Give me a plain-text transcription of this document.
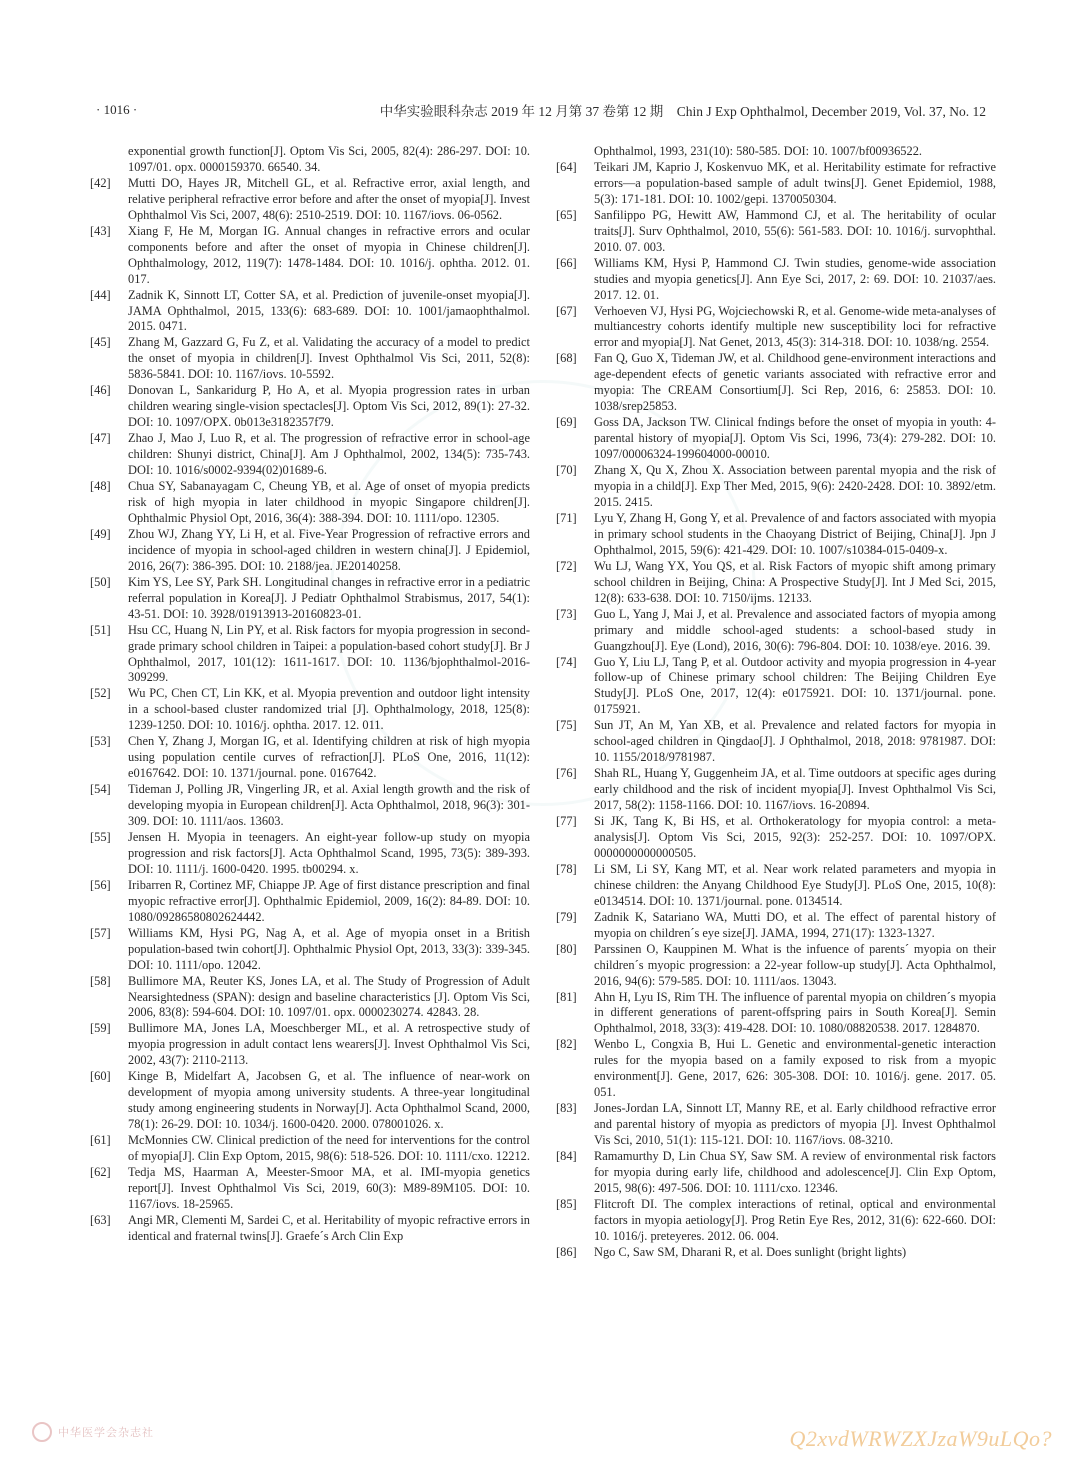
· 1016 ·	中华实验眼科杂志 2019 年 12 月第 37 卷第 12 期　Chin J Exp Ophthalmol, December 2019, Vol. 37, No. 12
exponential growth function[J]. Optom Vis Sci, 2005, 82(4): 286-297. DOI: 10. 1097/01. opx. 0000159370. 66540. 34.
[42]	Mutti DO, Hayes JR, Mitchell GL, et al. Refractive error, axial length, and relative peripheral refractive error before and after the onset of myopia[J]. Invest Ophthalmol Vis Sci, 2007, 48(6): 2510-2519. DOI: 10. 1167/iovs. 06-0562.
[43]	Xiang F, He M, Morgan IG. Annual changes in refractive errors and ocular components before and after the onset of myopia in Chinese children[J]. Ophthalmology, 2012, 119(7): 1478-1484. DOI: 10. 1016/j. ophtha. 2012. 01. 017.
[44]	Zadnik K, Sinnott LT, Cotter SA, et al. Prediction of juvenile-onset myopia[J]. JAMA Ophthalmol, 2015, 133(6): 683-689. DOI: 10. 1001/jamaophthalmol. 2015. 0471.
[45]	Zhang M, Gazzard G, Fu Z, et al. Validating the accuracy of a model to predict the onset of myopia in children[J]. Invest Ophthalmol Vis Sci, 2011, 52(8): 5836-5841. DOI: 10. 1167/iovs. 10-5592.
[46]	Donovan L, Sankaridurg P, Ho A, et al. Myopia progression rates in urban children wearing single-vision spectacles[J]. Optom Vis Sci, 2012, 89(1): 27-32. DOI: 10. 1097/OPX. 0b013e3182357f79.
[47]	Zhao J, Mao J, Luo R, et al. The progression of refractive error in school-age children: Shunyi district, China[J]. Am J Ophthalmol, 2002, 134(5): 735-743. DOI: 10. 1016/s0002-9394(02)01689-6.
[48]	Chua SY, Sabanayagam C, Cheung YB, et al. Age of onset of myopia predicts risk of high myopia in later childhood in myopic Singapore children[J]. Ophthalmic Physiol Opt, 2016, 36(4): 388-394. DOI: 10. 1111/opo. 12305.
[49]	Zhou WJ, Zhang YY, Li H, et al. Five-Year Progression of refractive errors and incidence of myopia in school-aged children in western china[J]. J Epidemiol, 2016, 26(7): 386-395. DOI: 10. 2188/jea. JE20140258.
[50]	Kim YS, Lee SY, Park SH. Longitudinal changes in refractive error in a pediatric referral population in Korea[J]. J Pediatr Ophthalmol Strabismus, 2017, 54(1): 43-51. DOI: 10. 3928/01913913-20160823-01.
[51]	Hsu CC, Huang N, Lin PY, et al. Risk factors for myopia progression in second-grade primary school children in Taipei: a population-based cohort study[J]. Br J Ophthalmol, 2017, 101(12): 1611-1617. DOI: 10. 1136/bjophthalmol-2016-309299.
[52]	Wu PC, Chen CT, Lin KK, et al. Myopia prevention and outdoor light intensity in a school-based cluster randomized trial [J]. Ophthalmology, 2018, 125(8): 1239-1250. DOI: 10. 1016/j. ophtha. 2017. 12. 011.
[53]	Chen Y, Zhang J, Morgan IG, et al. Identifying children at risk of high myopia using population centile curves of refraction[J]. PLoS One, 2016, 11(12): e0167642. DOI: 10. 1371/journal. pone. 0167642.
[54]	Tideman J, Polling JR, Vingerling JR, et al. Axial length growth and the risk of developing myopia in European children[J]. Acta Ophthalmol, 2018, 96(3): 301-309. DOI: 10. 1111/aos. 13603.
[55]	Jensen H. Myopia in teenagers. An eight-year follow-up study on myopia progression and risk factors[J]. Acta Ophthalmol Scand, 1995, 73(5): 389-393. DOI: 10. 1111/j. 1600-0420. 1995. tb00294. x.
[56]	Iribarren R, Cortinez MF, Chiappe JP. Age of first distance prescription and final myopic refractive error[J]. Ophthalmic Epidemiol, 2009, 16(2): 84-89. DOI: 10. 1080/09286580802624442.
[57]	Williams KM, Hysi PG, Nag A, et al. Age of myopia onset in a British population-based twin cohort[J]. Ophthalmic Physiol Opt, 2013, 33(3): 339-345. DOI: 10. 1111/opo. 12042.
[58]	Bullimore MA, Reuter KS, Jones LA, et al. The Study of Progression of Adult Nearsightedness (SPAN): design and baseline characteristics [J]. Optom Vis Sci, 2006, 83(8): 594-604. DOI: 10. 1097/01. opx. 0000230274. 42843. 28.
[59]	Bullimore MA, Jones LA, Moeschberger ML, et al. A retrospective study of myopia progression in adult contact lens wearers[J]. Invest Ophthalmol Vis Sci, 2002, 43(7): 2110-2113.
[60]	Kinge B, Midelfart A, Jacobsen G, et al. The influence of near-work on development of myopia among university students. A three-year longitudinal study among engineering students in Norway[J]. Acta Ophthalmol Scand, 2000, 78(1): 26-29. DOI: 10. 1034/j. 1600-0420. 2000. 078001026. x.
[61]	McMonnies CW. Clinical prediction of the need for interventions for the control of myopia[J]. Clin Exp Optom, 2015, 98(6): 518-526. DOI: 10. 1111/cxo. 12212.
[62]	Tedja MS, Haarman A, Meester-Smoor MA, et al. IMI-myopia genetics report[J]. Invest Ophthalmol Vis Sci, 2019, 60(3): M89-89M105. DOI: 10. 1167/iovs. 18-25965.
[63]	Angi MR, Clementi M, Sardei C, et al. Heritability of myopic refractive errors in identical and fraternal twins[J]. Graefe´s Arch Clin Exp
Ophthalmol, 1993, 231(10): 580-585. DOI: 10. 1007/bf00936522.
[64]	Teikari JM, Kaprio J, Koskenvuo MK, et al. Heritability estimate for refractive errors—a population-based sample of adult twins[J]. Genet Epidemiol, 1988, 5(3): 171-181. DOI: 10. 1002/gepi. 1370050304.
[65]	Sanfilippo PG, Hewitt AW, Hammond CJ, et al. The heritability of ocular traits[J]. Surv Ophthalmol, 2010, 55(6): 561-583. DOI: 10. 1016/j. survophthal. 2010. 07. 003.
[66]	Williams KM, Hysi P, Hammond CJ. Twin studies, genome-wide association studies and myopia genetics[J]. Ann Eye Sci, 2017, 2: 69. DOI: 10. 21037/aes. 2017. 12. 01.
[67]	Verhoeven VJ, Hysi PG, Wojciechowski R, et al. Genome-wide meta-analyses of multiancestry cohorts identify multiple new susceptibility loci for refractive error and myopia[J]. Nat Genet, 2013, 45(3): 314-318. DOI: 10. 1038/ng. 2554.
[68]	Fan Q, Guo X, Tideman JW, et al. Childhood gene-environment interactions and age-dependent efects of genetic variants associated with refractive error and myopia: The CREAM Consortium[J]. Sci Rep, 2016, 6: 25853. DOI: 10. 1038/srep25853.
[69]	Goss DA, Jackson TW. Clinical fndings before the onset of myopia in youth: 4-parental history of myopia[J]. Optom Vis Sci, 1996, 73(4): 279-282. DOI: 10. 1097/00006324-199604000-00010.
[70]	Zhang X, Qu X, Zhou X. Association between parental myopia and the risk of myopia in a child[J]. Exp Ther Med, 2015, 9(6): 2420-2428. DOI: 10. 3892/etm. 2015. 2415.
[71]	Lyu Y, Zhang H, Gong Y, et al. Prevalence of and factors associated with myopia in primary school students in the Chaoyang District of Beijing, China[J]. Jpn J Ophthalmol, 2015, 59(6): 421-429. DOI: 10. 1007/s10384-015-0409-x.
[72]	Wu LJ, Wang YX, You QS, et al. Risk Factors of myopic shift among primary school children in Beijing, China: A Prospective Study[J]. Int J Med Sci, 2015, 12(8): 633-638. DOI: 10. 7150/ijms. 12133.
[73]	Guo L, Yang J, Mai J, et al. Prevalence and associated factors of myopia among primary and middle school-aged students: a school-based study in Guangzhou[J]. Eye (Lond), 2016, 30(6): 796-804. DOI: 10. 1038/eye. 2016. 39.
[74]	Guo Y, Liu LJ, Tang P, et al. Outdoor activity and myopia progression in 4-year follow-up of Chinese primary school children: The Beijing Children Eye Study[J]. PLoS One, 2017, 12(4): e0175921. DOI: 10. 1371/journal. pone. 0175921.
[75]	Sun JT, An M, Yan XB, et al. Prevalence and related factors for myopia in school-aged children in Qingdao[J]. J Ophthalmol, 2018, 2018: 9781987. DOI: 10. 1155/2018/9781987.
[76]	Shah RL, Huang Y, Guggenheim JA, et al. Time outdoors at specific ages during early childhood and the risk of incident myopia[J]. Invest Ophthalmol Vis Sci, 2017, 58(2): 1158-1166. DOI: 10. 1167/iovs. 16-20894.
[77]	Si JK, Tang K, Bi HS, et al. Orthokeratology for myopia control: a meta-analysis[J]. Optom Vis Sci, 2015, 92(3): 252-257. DOI: 10. 1097/OPX. 0000000000000505.
[78]	Li SM, Li SY, Kang MT, et al. Near work related parameters and myopia in chinese children: the Anyang Childhood Eye Study[J]. PLoS One, 2015, 10(8): e0134514. DOI: 10. 1371/journal. pone. 0134514.
[79]	Zadnik K, Satariano WA, Mutti DO, et al. The effect of parental history of myopia on children´s eye size[J]. JAMA, 1994, 271(17): 1323-1327.
[80]	Parssinen O, Kauppinen M. What is the infuence of parents´ myopia on their children´s myopic progression: a 22-year follow-up study[J]. Acta Ophthalmol, 2016, 94(6): 579-585. DOI: 10. 1111/aos. 13043.
[81]	Ahn H, Lyu IS, Rim TH. The influence of parental myopia on children´s myopia in different generations of parent-offspring pairs in South Korea[J]. Semin Ophthalmol, 2018, 33(3): 419-428. DOI: 10. 1080/08820538. 2017. 1284870.
[82]	Wenbo L, Congxia B, Hui L. Genetic and environmental-genetic interaction rules for the myopia based on a family exposed to risk from a myopic environment[J]. Gene, 2017, 626: 305-308. DOI: 10. 1016/j. gene. 2017. 05. 051.
[83]	Jones-Jordan LA, Sinnott LT, Manny RE, et al. Early childhood refractive error and parental history of myopia as predictors of myopia [J]. Invest Ophthalmol Vis Sci, 2010, 51(1): 115-121. DOI: 10. 1167/iovs. 08-3210.
[84]	Ramamurthy D, Lin Chua SY, Saw SM. A review of environmental risk factors for myopia during early life, childhood and adolescence[J]. Clin Exp Optom, 2015, 98(6): 497-506. DOI: 10. 1111/cxo. 12346.
[85]	Flitcroft DI. The complex interactions of retinal, optical and environmental factors in myopia aetiology[J]. Prog Retin Eye Res, 2012, 31(6): 622-660. DOI: 10. 1016/j. preteyeres. 2012. 06. 004.
[86]	Ngo C, Saw SM, Dharani R, et al. Does sunlight (bright lights)
中华医学会杂志社	Q2xvdWRWZXJzaW9uLQo?
